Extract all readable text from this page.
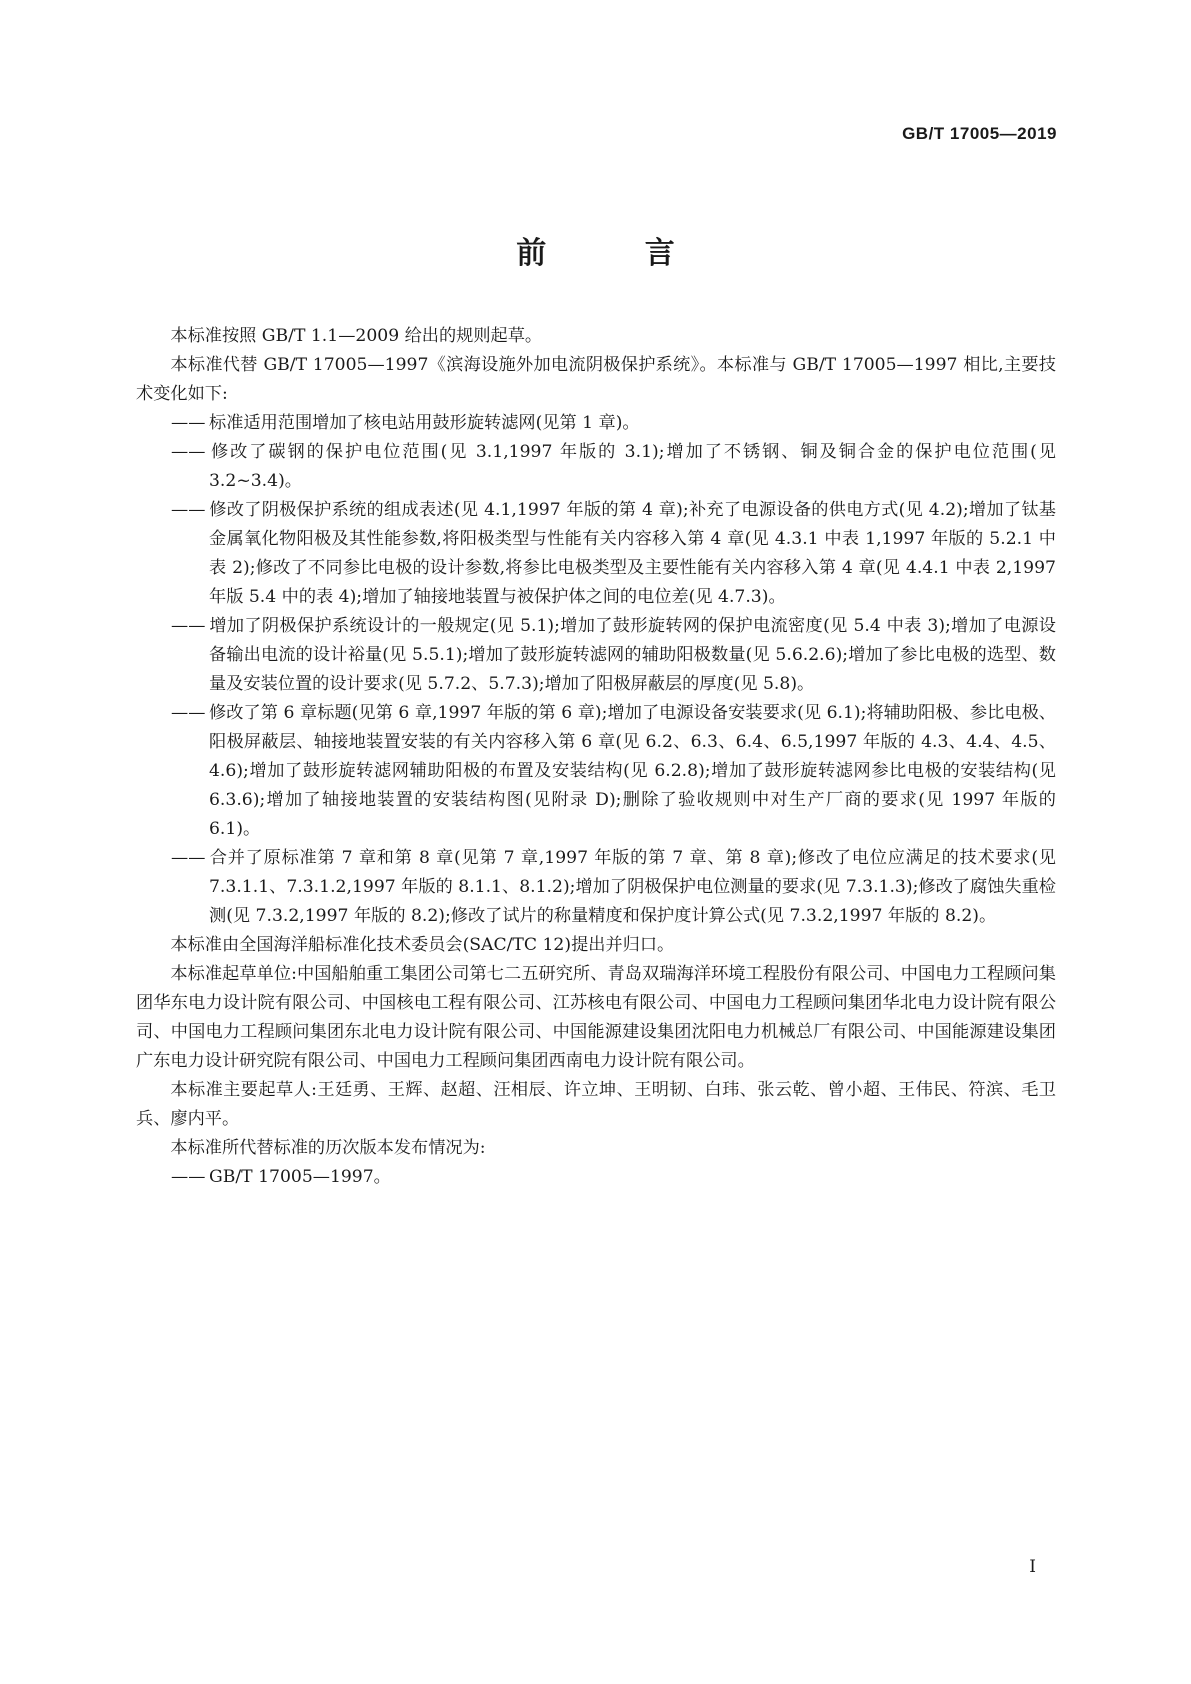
GB/T 17005—2019
前 言

本标准按照 GB/T 1.1—2009 给出的规则起草。

本标准代替 GB/T 17005—1997《滨海设施外加电流阴极保护系统》。本标准与 GB/T 17005—1997 相比,主要技术变化如下:

—— 标准适用范围增加了核电站用鼓形旋转滤网(见第 1 章)。

—— 修改了碳钢的保护电位范围(见 3.1,1997 年版的 3.1);增加了不锈钢、铜及铜合金的保护电位范围(见 3.2~3.4)。

—— 修改了阴极保护系统的组成表述(见 4.1,1997 年版的第 4 章);补充了电源设备的供电方式(见 4.2);增加了钛基金属氧化物阳极及其性能参数,将阳极类型与性能有关内容移入第 4 章(见 4.3.1 中表 1,1997 年版的 5.2.1 中表 2);修改了不同参比电极的设计参数,将参比电极类型及主要性能有关内容移入第 4 章(见 4.4.1 中表 2,1997 年版 5.4 中的表 4);增加了轴接地装置与被保护体之间的电位差(见 4.7.3)。

—— 增加了阴极保护系统设计的一般规定(见 5.1);增加了鼓形旋转网的保护电流密度(见 5.4 中表 3);增加了电源设备输出电流的设计裕量(见 5.5.1);增加了鼓形旋转滤网的辅助阳极数量(见 5.6.2.6);增加了参比电极的选型、数量及安装位置的设计要求(见 5.7.2、5.7.3);增加了阳极屏蔽层的厚度(见 5.8)。

—— 修改了第 6 章标题(见第 6 章,1997 年版的第 6 章);增加了电源设备安装要求(见 6.1);将辅助阳极、参比电极、阳极屏蔽层、轴接地装置安装的有关内容移入第 6 章(见 6.2、6.3、6.4、6.5,1997 年版的 4.3、4.4、4.5、4.6);增加了鼓形旋转滤网辅助阳极的布置及安装结构(见 6.2.8);增加了鼓形旋转滤网参比电极的安装结构(见 6.3.6);增加了轴接地装置的安装结构图(见附录 D);删除了验收规则中对生产厂商的要求(见 1997 年版的 6.1)。

—— 合并了原标准第 7 章和第 8 章(见第 7 章,1997 年版的第 7 章、第 8 章);修改了电位应满足的技术要求(见 7.3.1.1、7.3.1.2,1997 年版的 8.1.1、8.1.2);增加了阴极保护电位测量的要求(见 7.3.1.3);修改了腐蚀失重检测(见 7.3.2,1997 年版的 8.2);修改了试片的称量精度和保护度计算公式(见 7.3.2,1997 年版的 8.2)。

本标准由全国海洋船标准化技术委员会(SAC/TC 12)提出并归口。

本标准起草单位:中国船舶重工集团公司第七二五研究所、青岛双瑞海洋环境工程股份有限公司、中国电力工程顾问集团华东电力设计院有限公司、中国核电工程有限公司、江苏核电有限公司、中国电力工程顾问集团华北电力设计院有限公司、中国电力工程顾问集团东北电力设计院有限公司、中国能源建设集团沈阳电力机械总厂有限公司、中国能源建设集团广东电力设计研究院有限公司、中国电力工程顾问集团西南电力设计院有限公司。

本标准主要起草人:王廷勇、王辉、赵超、汪相辰、许立坤、王明韧、白玮、张云乾、曾小超、王伟民、符滨、毛卫兵、廖内平。

本标准所代替标准的历次版本发布情况为:

—— GB/T 17005—1997。

I
